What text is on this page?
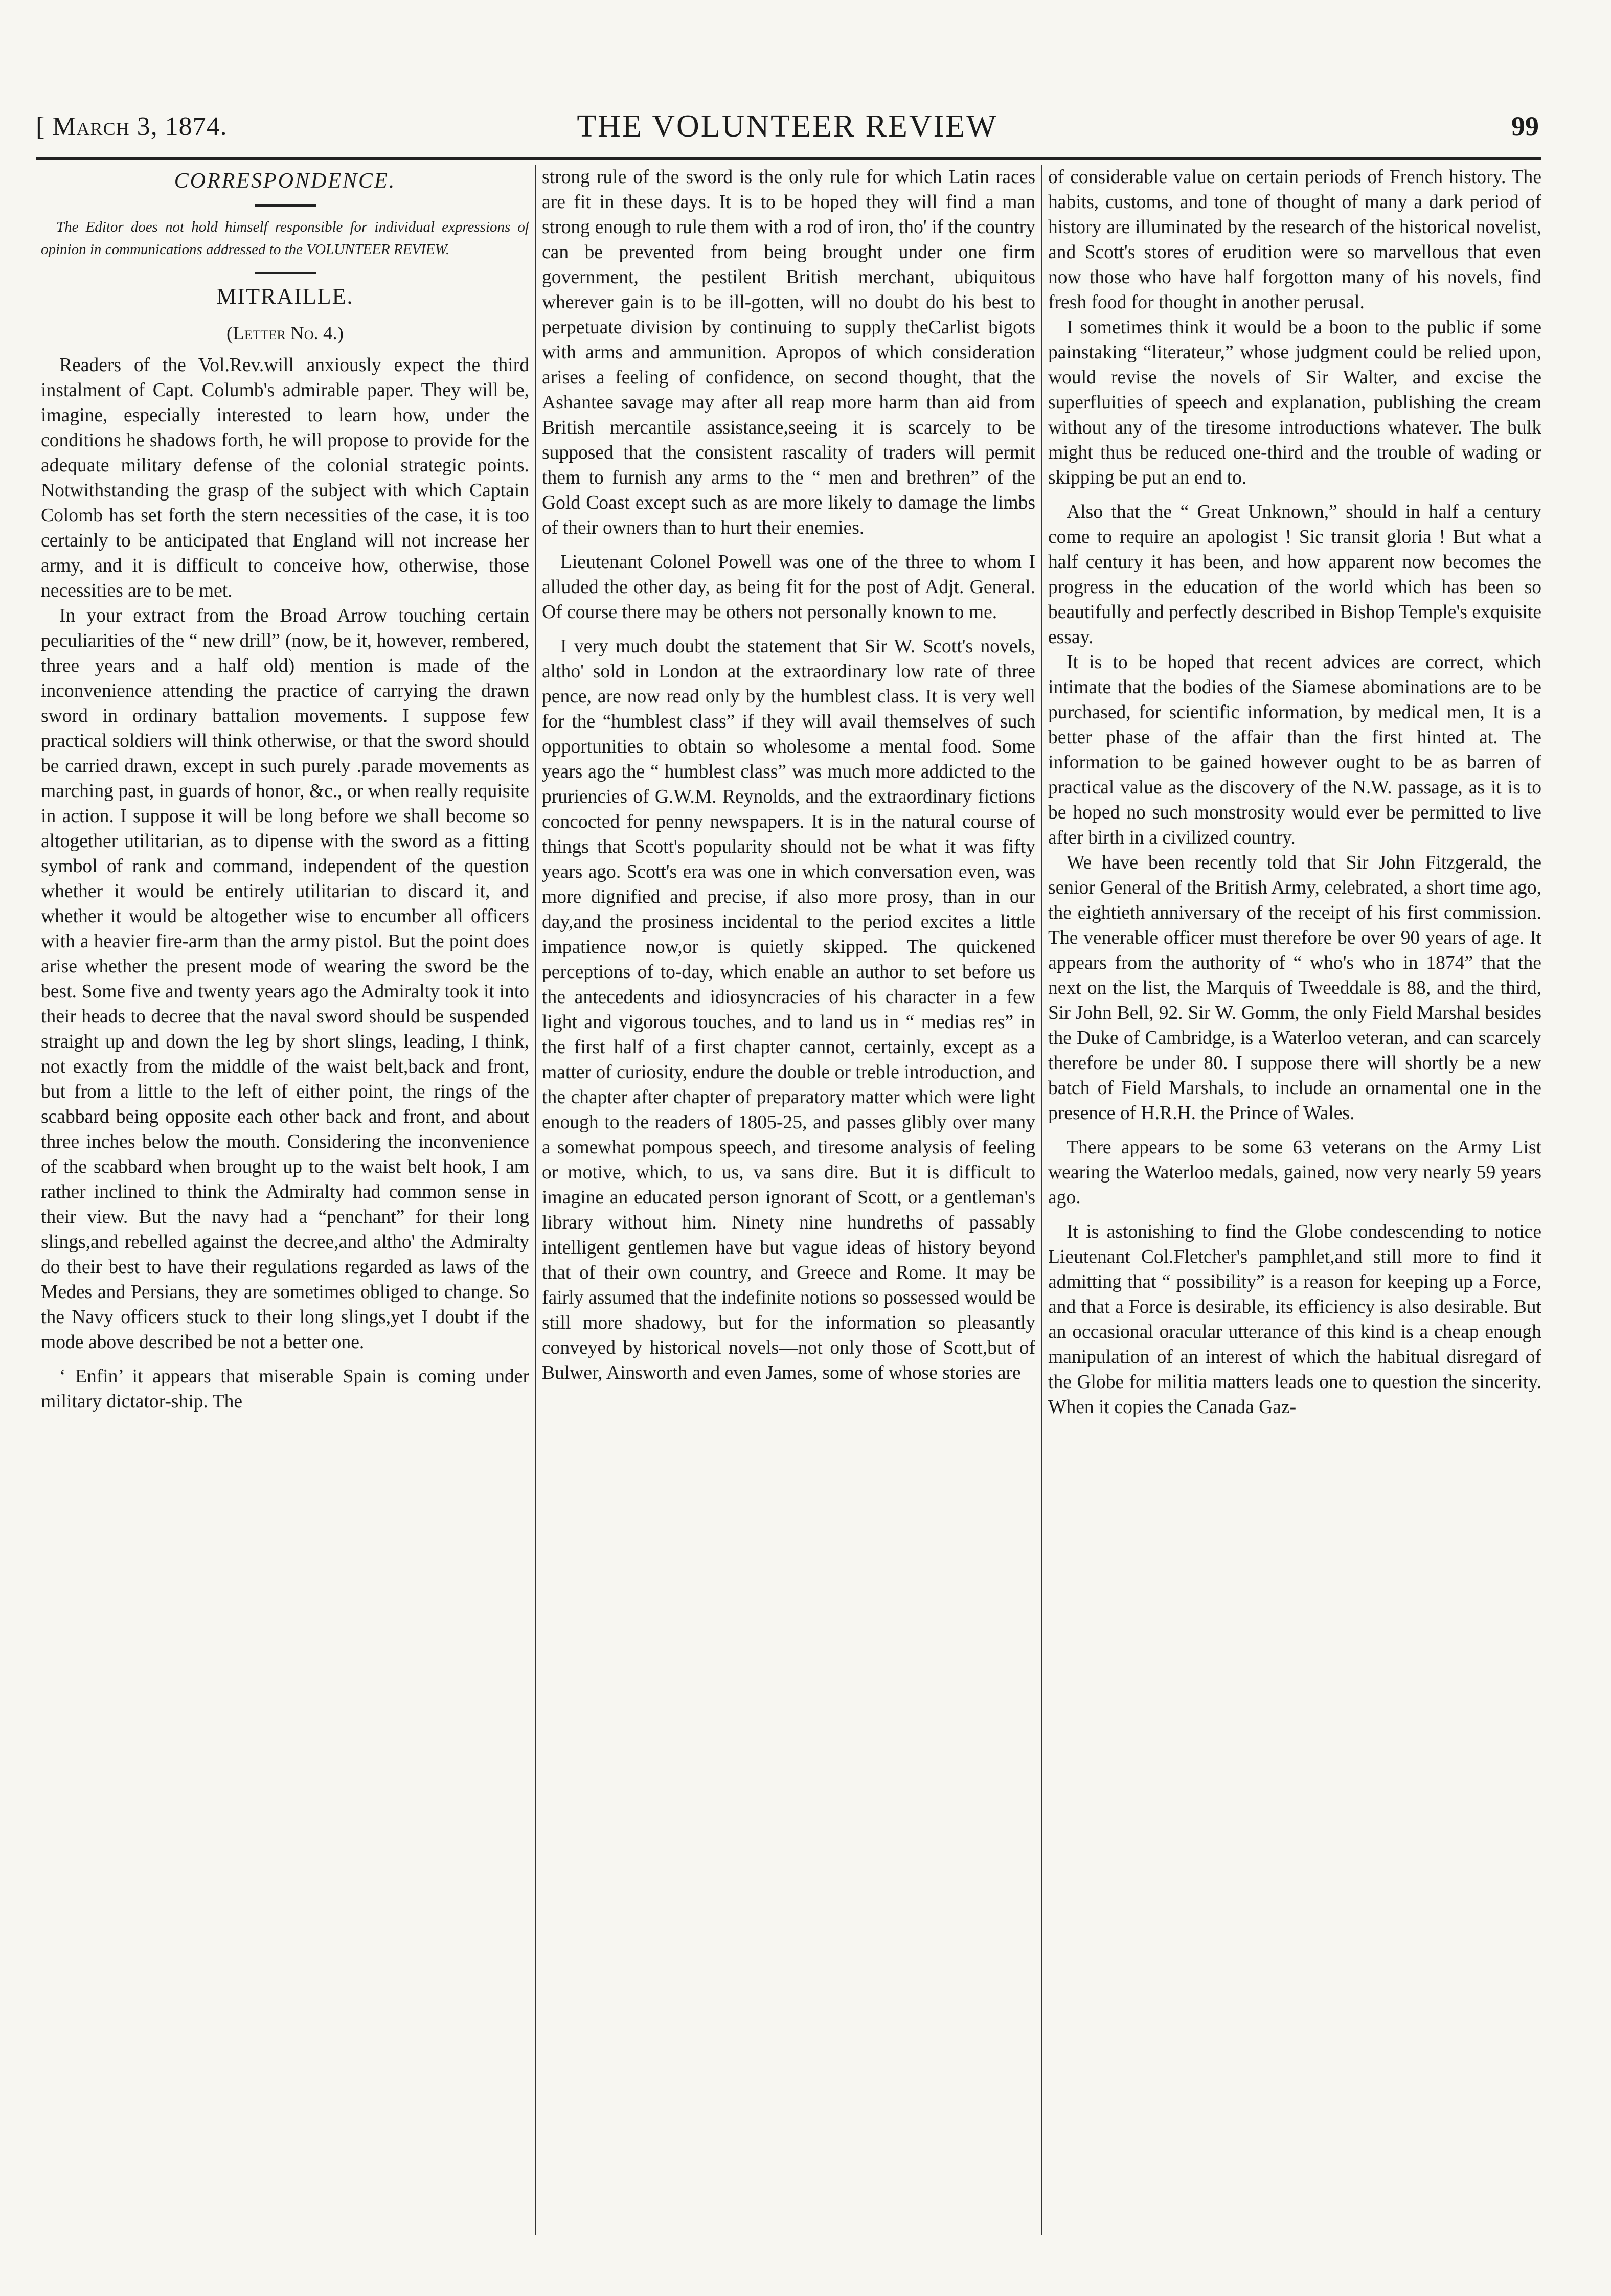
[ March 3, 1874.	THE VOLUNTEER REVIEW	99
CORRESPONDENCE.
The Editor does not hold himself responsible for individual expressions of opinion in communications addressed to the VOLUNTEER REVIEW.
MITRAILLE.
(Letter No. 4.)

Readers of the Vol.Rev.will anxiously expect the third instalment of Capt. Columb's admirable paper. They will be, imagine, especially interested to learn how, under the conditions he shadows forth, he will propose to provide for the adequate military defense of the colonial strategic points. Notwithstanding the grasp of the subject with which Captain Colomb has set forth the stern necessities of the case, it is too certainly to be anticipated that England will not increase her army, and it is difficult to conceive how, otherwise, those necessities are to be met.

In your extract from the Broad Arrow touching certain peculiarities of the “ new drill” (now, be it, however, rembered, three years and a half old) mention is made of the inconvenience attending the practice of carrying the drawn sword in ordinary battalion movements. I suppose few practical soldiers will think otherwise, or that the sword should be carried drawn, except in such purely .parade movements as marching past, in guards of honor, &c., or when really requisite in action. I suppose it will be long before we shall become so altogether utilitarian, as to dipense with the sword as a fitting symbol of rank and command, independent of the question whether it would be entirely utilitarian to discard it, and whether it would be altogether wise to encumber all officers with a heavier fire-arm than the army pistol. But the point does arise whether the present mode of wearing the sword be the best. Some five and twenty years ago the Admiralty took it into their heads to decree that the naval sword should be suspended straight up and down the leg by short slings, leading, I think, not exactly from the middle of the waist belt,back and front, but from a little to the left of either point, the rings of the scabbard being opposite each other back and front, and about three inches below the mouth. Considering the inconvenience of the scabbard when brought up to the waist belt hook, I am rather inclined to think the Admiralty had common sense in their view. But the navy had a “penchant” for their long slings,and rebelled against the decree,and altho' the Admiralty do their best to have their regulations regarded as laws of the Medes and Persians, they are sometimes obliged to change. So the Navy officers stuck to their long slings,yet I doubt if the mode above described be not a better one.

‘ Enfin’ it appears that miserable Spain is coming under military dictator-ship. The

strong rule of the sword is the only rule for which Latin races are fit in these days. It is to be hoped they will find a man strong enough to rule them with a rod of iron, tho' if the country can be prevented from being brought under one firm government, the pestilent British merchant, ubiquitous wherever gain is to be ill-gotten, will no doubt do his best to perpetuate division by continuing to supply theCarlist bigots with arms and ammunition. Apropos of which consideration arises a feeling of confidence, on second thought, that the Ashantee savage may after all reap more harm than aid from British mercantile assistance,seeing it is scarcely to be supposed that the consistent rascality of traders will permit them to furnish any arms to the “ men and brethren” of the Gold Coast except such as are more likely to damage the limbs of their owners than to hurt their enemies.

Lieutenant Colonel Powell was one of the three to whom I alluded the other day, as being fit for the post of Adjt. General. Of course there may be others not personally known to me.

I very much doubt the statement that Sir W. Scott's novels, altho' sold in London at the extraordinary low rate of three pence, are now read only by the humblest class. It is very well for the “humblest class” if they will avail themselves of such opportunities to obtain so wholesome a mental food. Some years ago the “ humblest class” was much more addicted to the pruriencies of G.W.M. Reynolds, and the extraordinary fictions concocted for penny newspapers. It is in the natural course of things that Scott's popularity should not be what it was fifty years ago. Scott's era was one in which conversation even, was more dignified and precise, if also more prosy, than in our day,and the prosiness incidental to the period excites a little impatience now,or is quietly skipped. The quickened perceptions of to-day, which enable an author to set before us the antecedents and idiosyncracies of his character in a few light and vigorous touches, and to land us in “ medias res” in the first half of a first chapter cannot, certainly, except as a matter of curiosity, endure the double or treble introduction, and the chapter after chapter of preparatory matter which were light enough to the readers of 1805-25, and passes glibly over many a somewhat pompous speech, and tiresome analysis of feeling or motive, which, to us, va sans dire. But it is difficult to imagine an educated person ignorant of Scott, or a gentleman's library without him. Ninety nine hundreths of passably intelligent gentlemen have but vague ideas of history beyond that of their own country, and Greece and Rome. It may be fairly assumed that the indefinite notions so possessed would be still more shadowy, but for the information so pleasantly conveyed by historical novels—not only those of Scott,but of Bulwer, Ainsworth and even James, some of whose stories are

of considerable value on certain periods of French history. The habits, customs, and tone of thought of many a dark period of history are illuminated by the research of the historical novelist, and Scott's stores of erudition were so marvellous that even now those who have half forgotton many of his novels, find fresh food for thought in another perusal.

I sometimes think it would be a boon to the public if some painstaking “literateur,” whose judgment could be relied upon, would revise the novels of Sir Walter, and excise the superfluities of speech and explanation, publishing the cream without any of the tiresome introductions whatever. The bulk might thus be reduced one-third and the trouble of wading or skipping be put an end to.

Also that the “ Great Unknown,” should in half a century come to require an apologist ! Sic transit gloria ! But what a half century it has been, and how apparent now becomes the progress in the education of the world which has been so beautifully and perfectly described in Bishop Temple's exquisite essay.

It is to be hoped that recent advices are correct, which intimate that the bodies of the Siamese abominations are to be purchased, for scientific information, by medical men, It is a better phase of the affair than the first hinted at. The information to be gained however ought to be as barren of practical value as the discovery of the N.W. passage, as it is to be hoped no such monstrosity would ever be permitted to live after birth in a civilized country.

We have been recently told that Sir John Fitzgerald, the senior General of the British Army, celebrated, a short time ago, the eightieth anniversary of the receipt of his first commission. The venerable officer must therefore be over 90 years of age. It appears from the authority of “ who's who in 1874” that the next on the list, the Marquis of Tweeddale is 88, and the third, Sir John Bell, 92. Sir W. Gomm, the only Field Marshal besides the Duke of Cambridge, is a Waterloo veteran, and can scarcely therefore be under 80. I suppose there will shortly be a new batch of Field Marshals, to include an ornamental one in the presence of H.R.H. the Prince of Wales.

There appears to be some 63 veterans on the Army List wearing the Waterloo medals, gained, now very nearly 59 years ago.

It is astonishing to find the Globe condescending to notice Lieutenant Col.Fletcher's pamphlet,and still more to find it admitting that “ possibility” is a reason for keeping up a Force, and that a Force is desirable, its efficiency is also desirable. But an occasional oracular utterance of this kind is a cheap enough manipulation of an interest of which the habitual disregard of the Globe for militia matters leads one to question the sincerity. When it copies the Canada Gaz-
